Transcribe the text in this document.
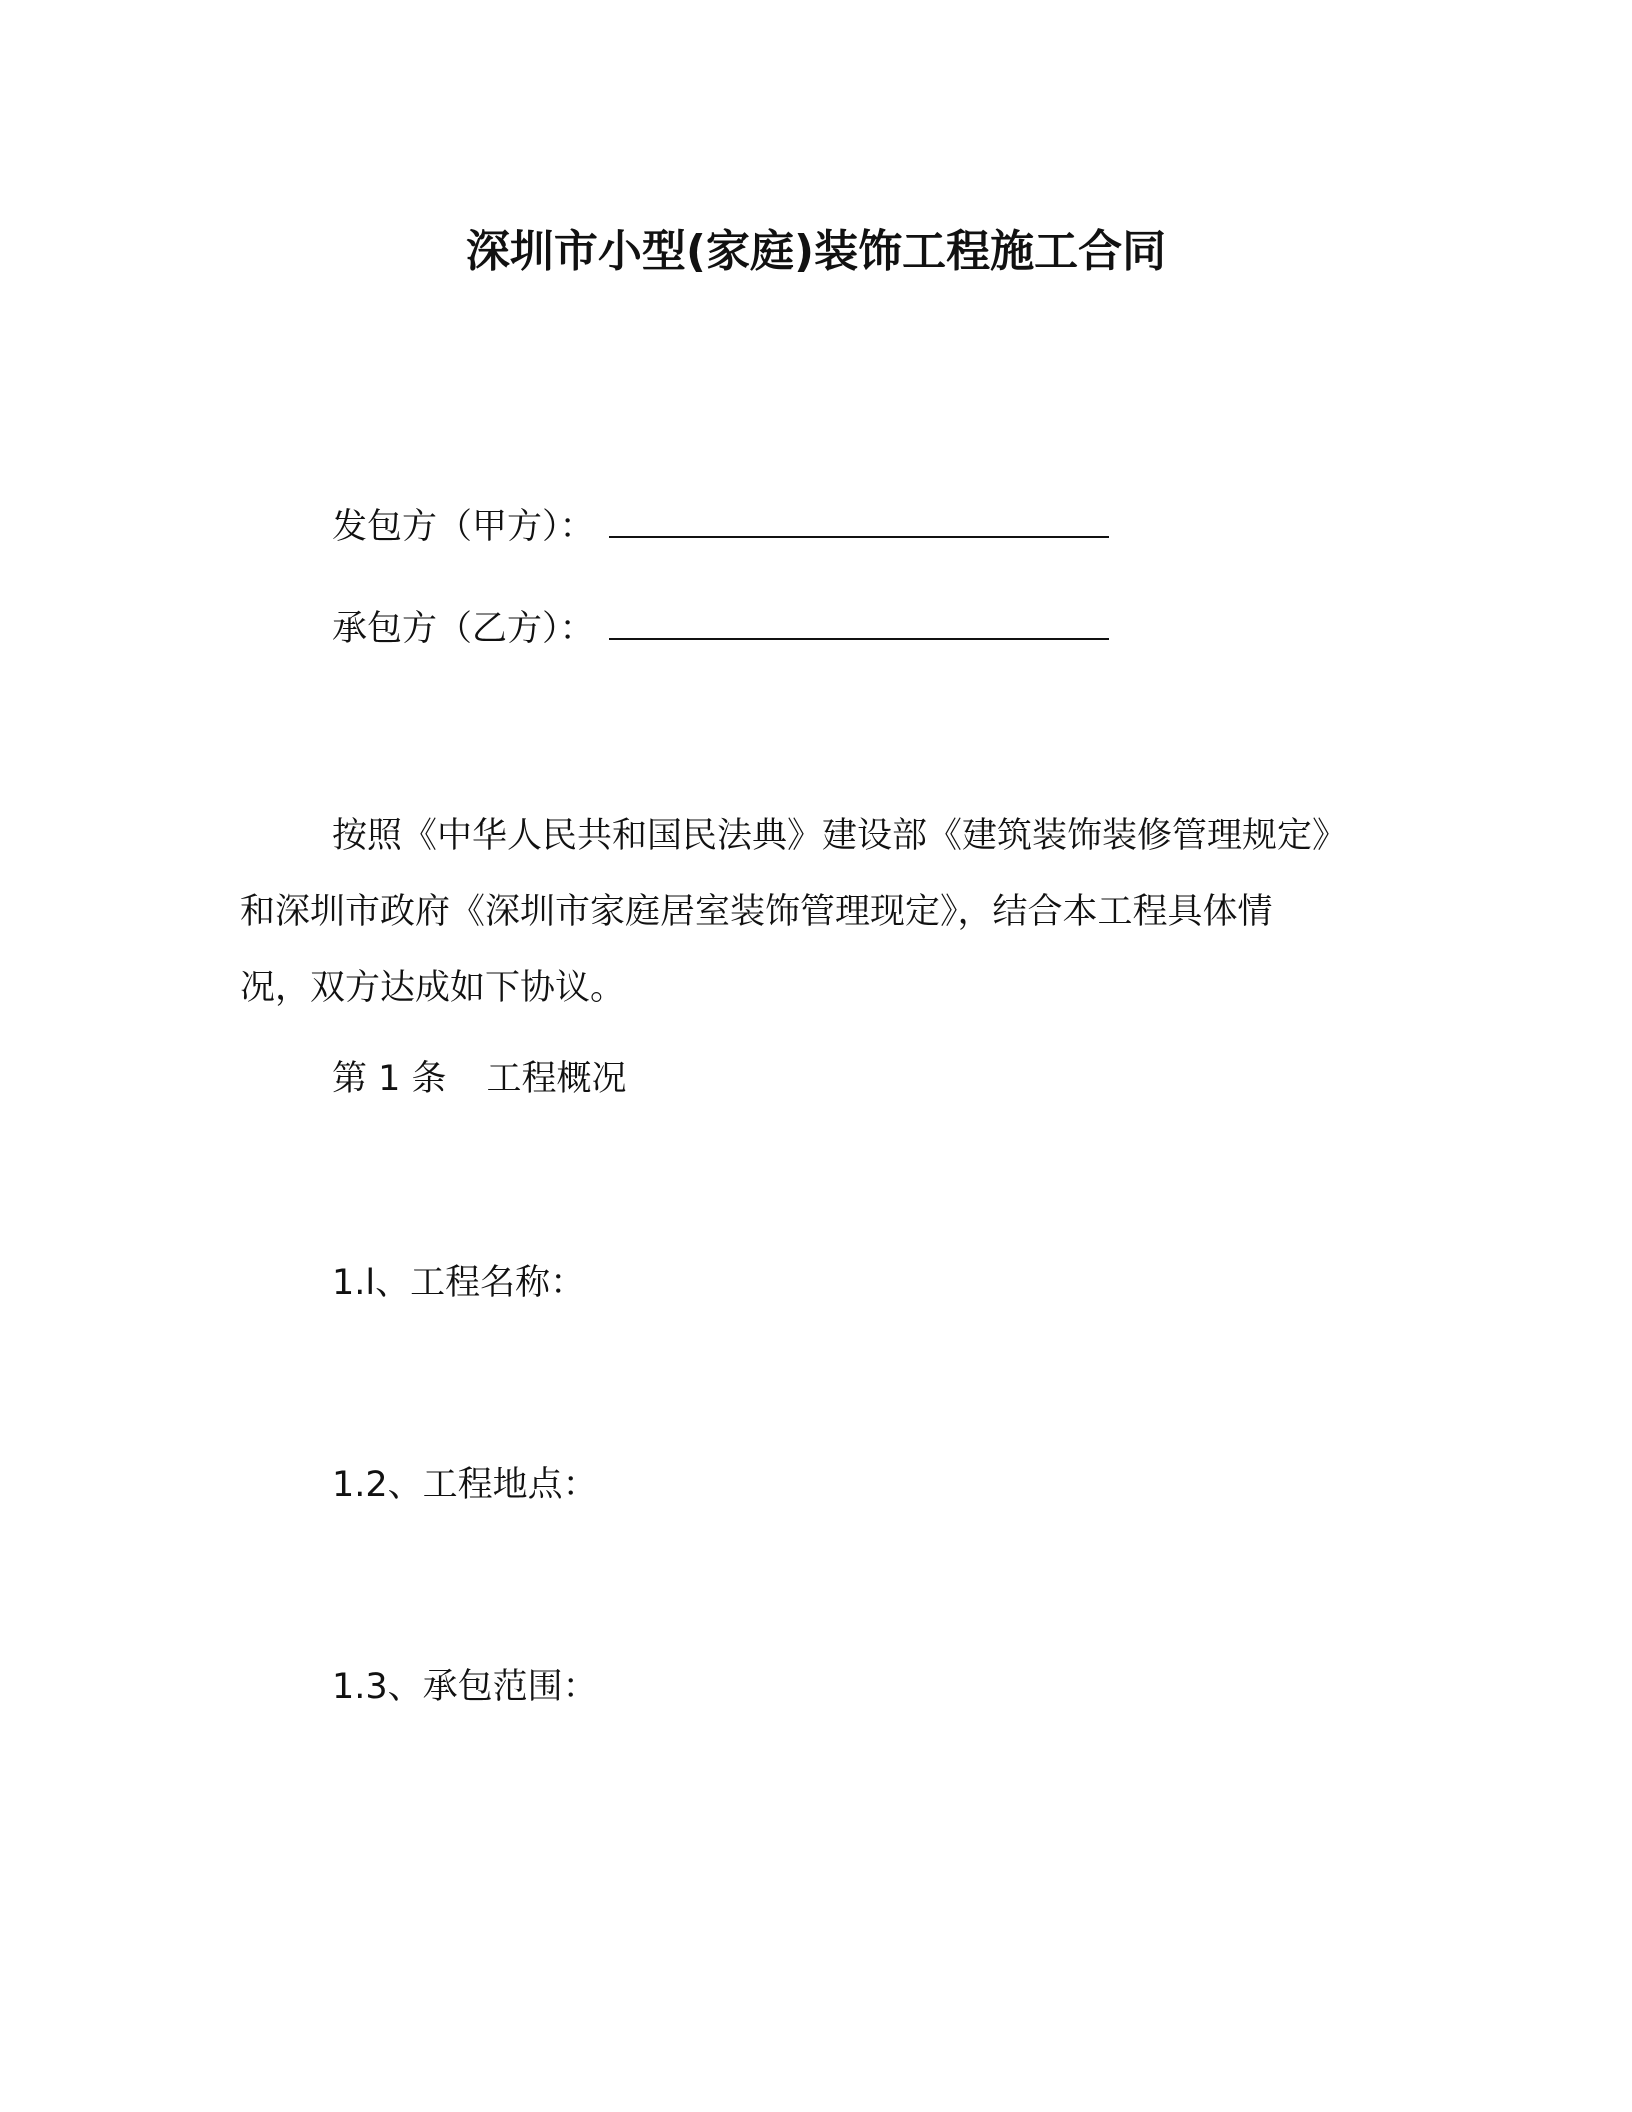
深圳市小型(家庭)装饰工程施工合同
发包方（甲方）：
承包方（乙方）：
按照《中华人民共和国民法典》建设部《建筑装饰装修管理规定》
和深圳市政府《深圳市家庭居室装饰管理现定》，结合本工程具体情
况，双方达成如下协议。
第 1 条 工程概况
1.l、工程名称：
1.2、工程地点：
1.3、承包范围：
